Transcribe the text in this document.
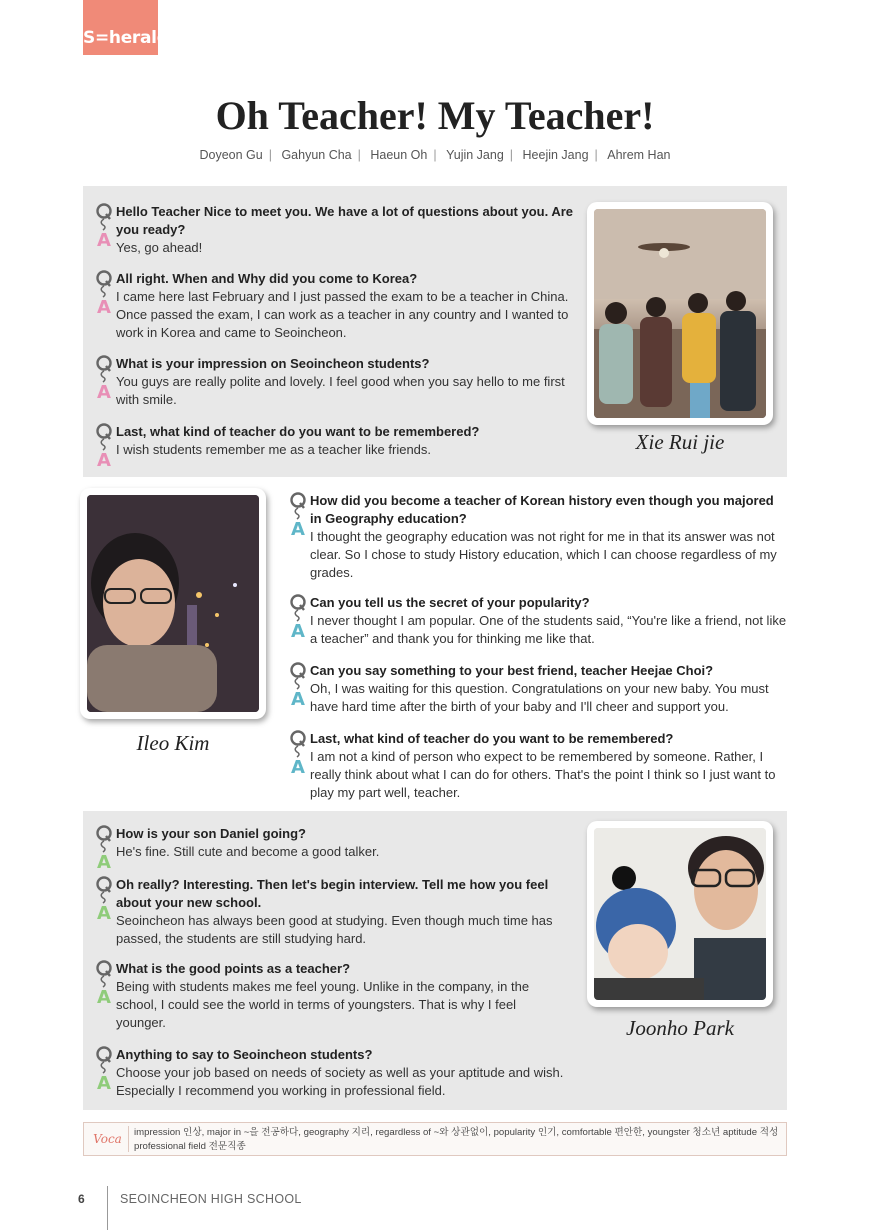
S=herald
Oh Teacher! My Teacher!
Doyeon Gu | Gahyun Cha | Haeun Oh | Yujin Jang | Heejin Jang | Ahrem Han
A
Hello Teacher Nice to meet you. We have a lot of questions about you. Are you ready?
Yes, go ahead!
A
All right. When and Why did you come to Korea?
I came here last February and I just passed the exam to be a teacher in China. Once passed the exam, I can work as a teacher in any country and I wanted to work in Korea and came to Seoincheon.
A
What is your impression on Seoincheon students?
You guys are really polite and lovely. I feel good when you say hello to me first with smile.
A
Last, what kind of teacher do you want to be remembered?
I wish students remember me as a teacher like friends.	Xie Rui jie
Ileo Kim
A
How did you become a teacher of Korean history even though you majored in Geography education?
I thought the geography education was not right for me in that its answer was not clear. So I chose to study History education, which I can choose regardless of my grades.
A
Can you tell us the secret of your popularity?
I never thought I am popular. One of the students said, “You're like a friend, not like a teacher” and thank you for thinking me like that.
A
Can you say something to your best friend, teacher Heejae Choi?
Oh, I was waiting for this question. Congratulations on your new baby. You must have hard time after the birth of your baby and I'll cheer and support you.
A
Last, what kind of teacher do you want to be remembered?
I am not a kind of person who expect to be remembered by someone. Rather, I really think about what I can do for others. That's the point I think so I just want to play my part well, teacher.
A
How is your son Daniel going?
He's fine. Still cute and become a good talker.
A
Oh really? Interesting. Then let's begin interview. Tell me how you feel about your new school.
Seoincheon has always been good at studying. Even though much time has passed, the students are still studying hard.
A
What is the good points as a teacher?
Being with students makes me feel young. Unlike in the company, in the school, I could see the world in terms of youngsters. That is why I feel younger.
A
Anything to say to Seoincheon students?
Choose your job based on needs of society as well as your aptitude and wish. Especially I recommend you working in professional field.
Joonho Park
Voca	impression 인상, major in ~을 전공하다, geography 지리, regardless of ~와 상관없이, popularity 인기, comfortable 편안한, youngster 청소년 aptitude 적성 professional field 전문직종
6	SEOINCHEON HIGH SCHOOL
